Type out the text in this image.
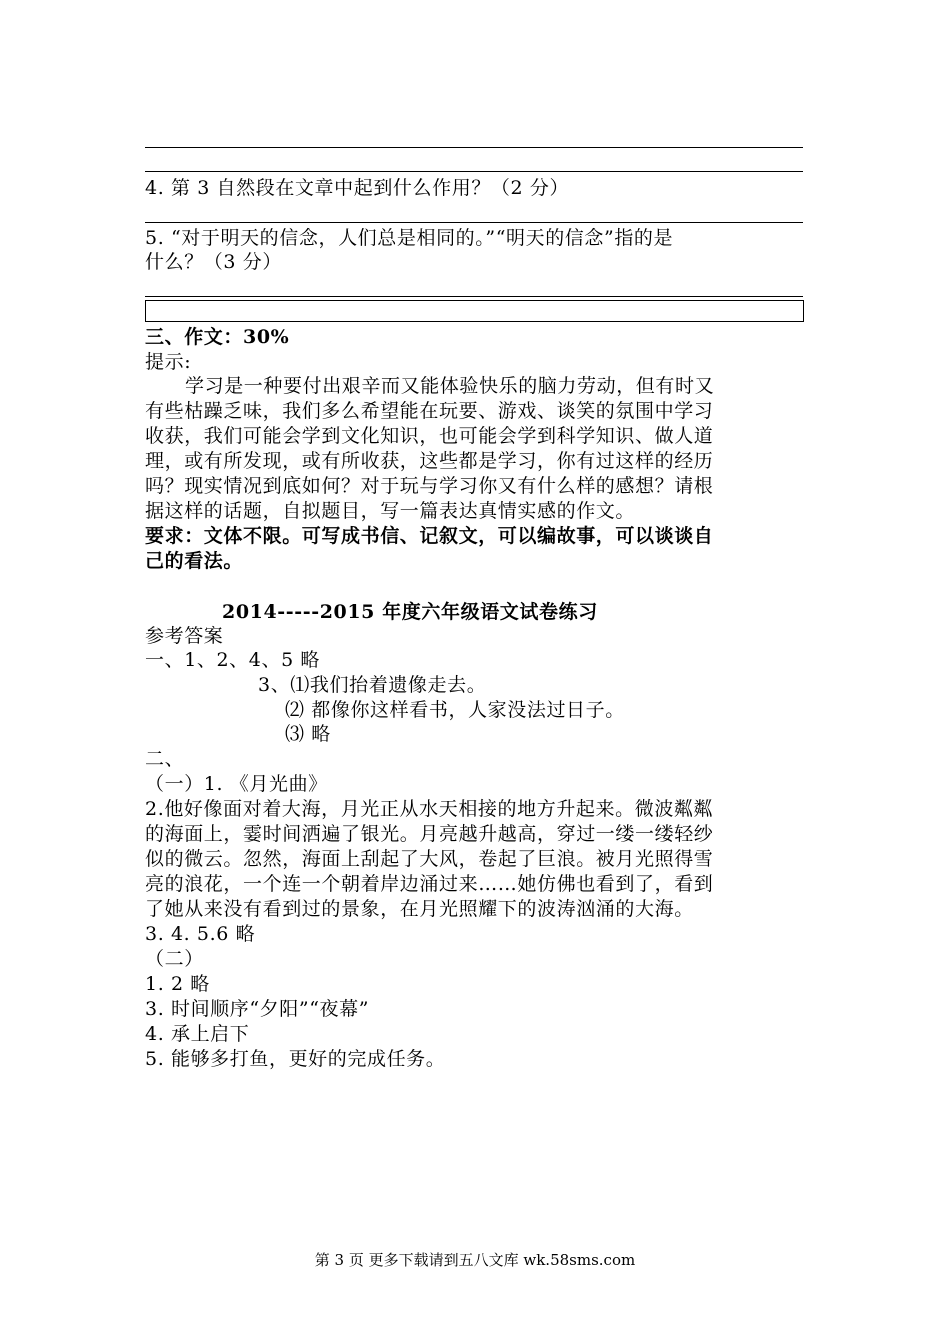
4. 第 3 自然段在文章中起到什么作用？（2 分）
5. “对于明天的信念，人们总是相同的。”“明天的信念”指的是
什么？（3 分）
三、作文：30%
提示:
学习是一种要付出艰辛而又能体验快乐的脑力劳动，但有时又
有些枯躁乏味，我们多么希望能在玩要、游戏、谈笑的氛围中学习
收获，我们可能会学到文化知识，也可能会学到科学知识、做人道
理，或有所发现，或有所收获，这些都是学习，你有过这样的经历
吗？现实情况到底如何？对于玩与学习你又有什么样的感想？请根
据这样的话题，自拟题目，写一篇表达真情实感的作文。
要求：文体不限。可写成书信、记叙文，可以编故事，可以谈谈自
己的看法。
2014-----2015 年度六年级语文试卷练习
参考答案
一、1、2、4、5 略
3、⑴我们抬着遗像走去。
⑵ 都像你这样看书，人家没法过日子。
⑶ 略
二、
（一）1. 《月光曲》
2.他好像面对着大海，月光正从水天相接的地方升起来。微波粼粼
的海面上，霎时间洒遍了银光。月亮越升越高，穿过一缕一缕轻纱
似的微云。忽然，海面上刮起了大风，卷起了巨浪。被月光照得雪
亮的浪花，一个连一个朝着岸边涌过来……她仿佛也看到了，看到
了她从来没有看到过的景象，在月光照耀下的波涛汹涌的大海。
3. 4. 5.6 略
（二）
1. 2 略
3. 时间顺序“夕阳”“夜幕”
4. 承上启下
5. 能够多打鱼，更好的完成任务。
第 3 页 更多下载请到五八文库 wk.58sms.com
